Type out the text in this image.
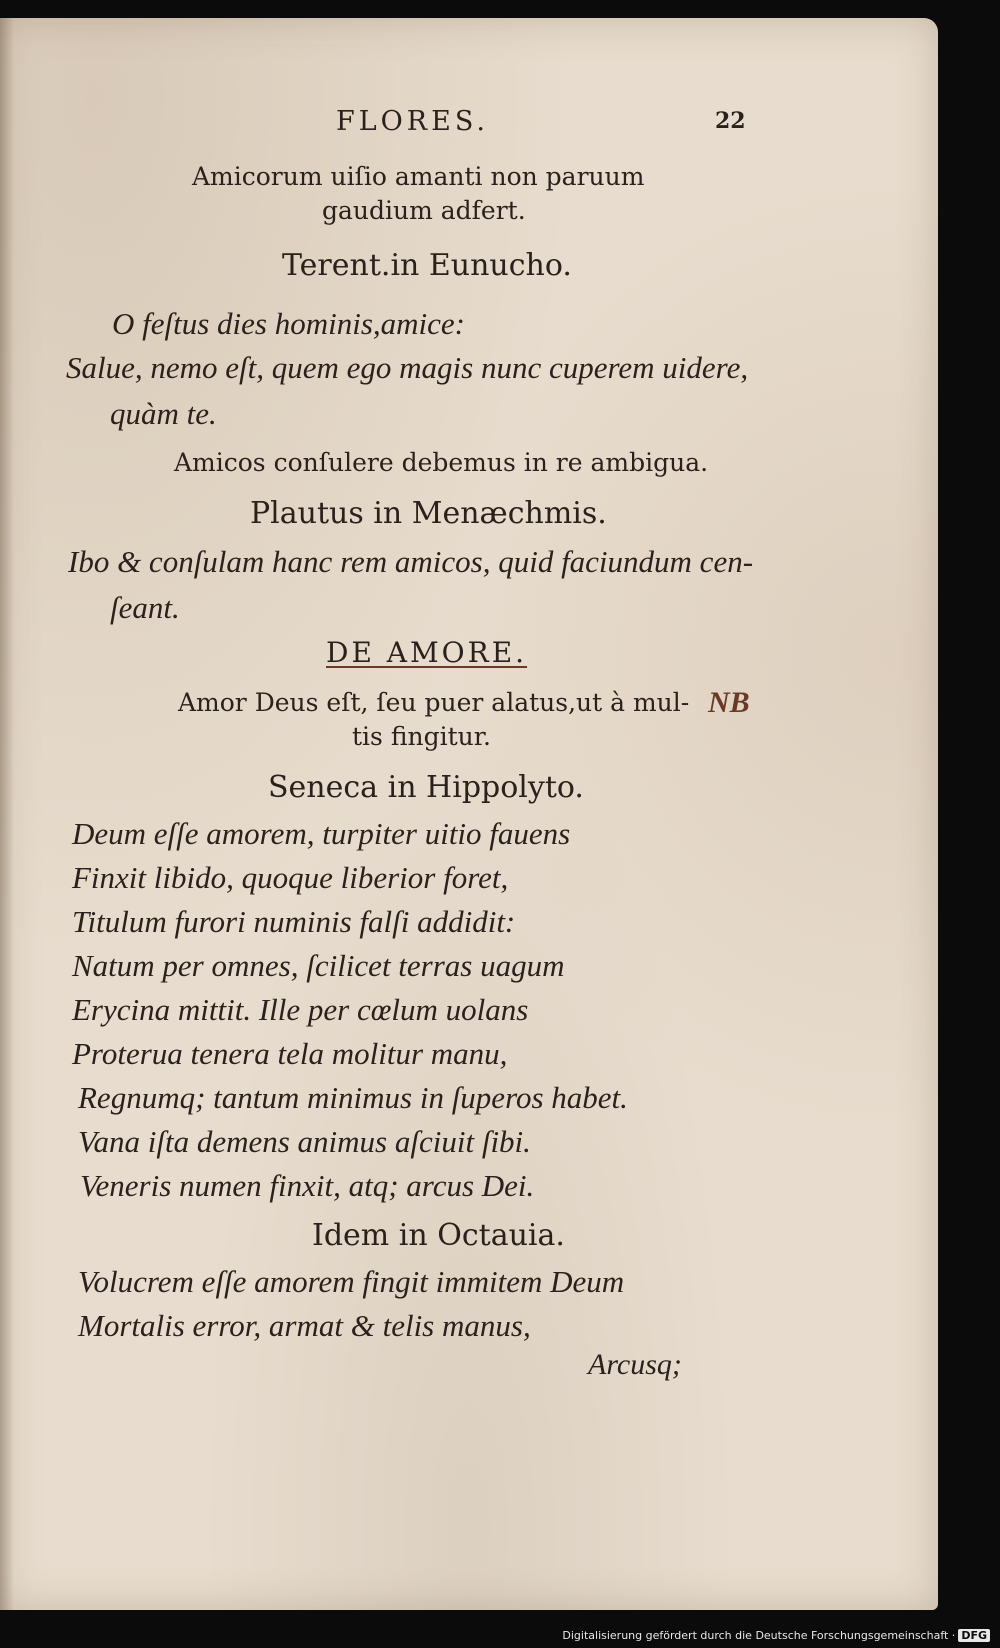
FLORES.	22
Amicorum uiſio amanti non paruum
gaudium adfert.
Terent.in Eunucho.
O feſtus dies hominis,amice:
Salue, nemo eſt, quem ego magis nunc cuperem uidere,
quàm te.
Amicos conſulere debemus in re ambigua.
Plautus in Menæchmis.
Ibo & conſulam hanc rem amicos, quid faciundum cen-
ſeant.
DE AMORE.
Amor Deus eſt, ſeu puer alatus,ut à mul-
tis fingitur.
Seneca in Hippolyto.
Deum eſſe amorem, turpiter uitio fauens
Finxit libido, quoque liberior foret,
Titulum furori numinis falſi addidit:
Natum per omnes, ſcilicet terras uagum
Erycina mittit. Ille per cœlum uolans
Proterua tenera tela molitur manu,
Regnumq; tantum minimus in ſuperos habet.
Vana iſta demens animus aſciuit ſibi.
Veneris numen finxit, atq; arcus Dei.
Idem in Octauia.
Volucrem eſſe amorem fingit immitem Deum
Mortalis error, armat & telis manus,
NB
Arcusq;
Digitalisierung gefördert durch die Deutsche Forschungsgemeinschaft · DFG
